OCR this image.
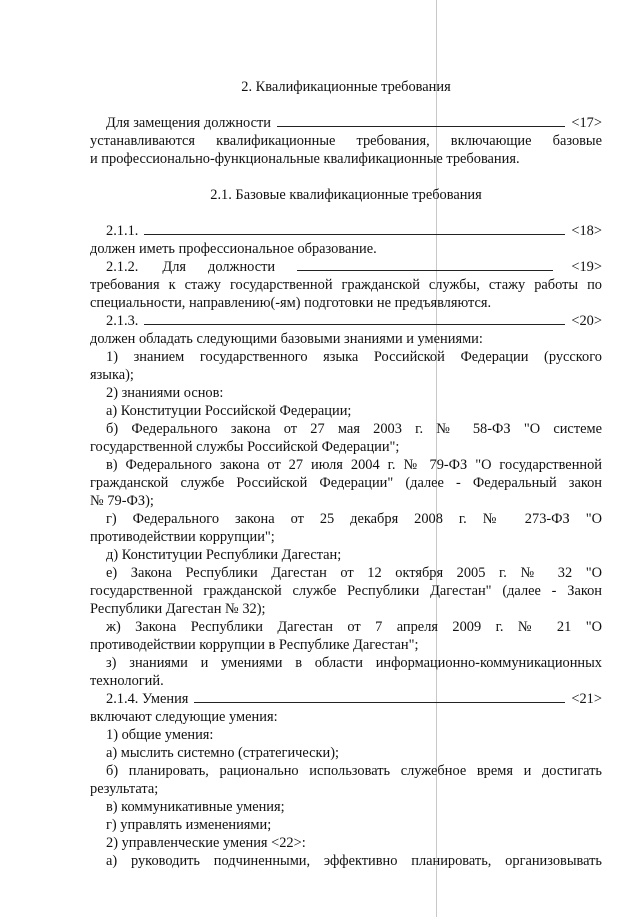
2. Квалификационные требования
Для замещения должности	<17>
устанавливаются квалификационные требования, включающие базовые
и профессионально-функциональные квалификационные требования.
2.1. Базовые квалификационные требования
2.1.1.	<18>
должен иметь профессиональное образование.
2.1.2. Для должности	<19>
требования к стажу государственной гражданской службы, стажу работы по
специальности, направлению(-ям) подготовки не предъявляются.
2.1.3.	<20>
должен обладать следующими базовыми знаниями и умениями:
1) знанием государственного языка Российской Федерации (русского
языка);
2) знаниями основ:
а) Конституции Российской Федерации;
б) Федерального закона от 27 мая 2003 г. № 58-ФЗ "О системе
государственной службы Российской Федерации";
в) Федерального закона от 27 июля 2004 г. № 79-ФЗ "О государственной
гражданской службе Российской Федерации" (далее - Федеральный закон
№ 79-ФЗ);
г) Федерального закона от 25 декабря 2008 г. № 273-ФЗ "О
противодействии коррупции";
д) Конституции Республики Дагестан;
е) Закона Республики Дагестан от 12 октября 2005 г. № 32 "О
государственной гражданской службе Республики Дагестан" (далее - Закон
Республики Дагестан № 32);
ж) Закона Республики Дагестан от 7 апреля 2009 г. № 21 "О
противодействии коррупции в Республике Дагестан";
з) знаниями и умениями в области информационно-коммуникационных
технологий.
2.1.4. Умения	<21>
включают следующие умения:
1) общие умения:
а) мыслить системно (стратегически);
б) планировать, рационально использовать служебное время и достигать
результата;
в) коммуникативные умения;
г) управлять изменениями;
2) управленческие умения <22>:
а) руководить подчиненными, эффективно планировать, организовывать
